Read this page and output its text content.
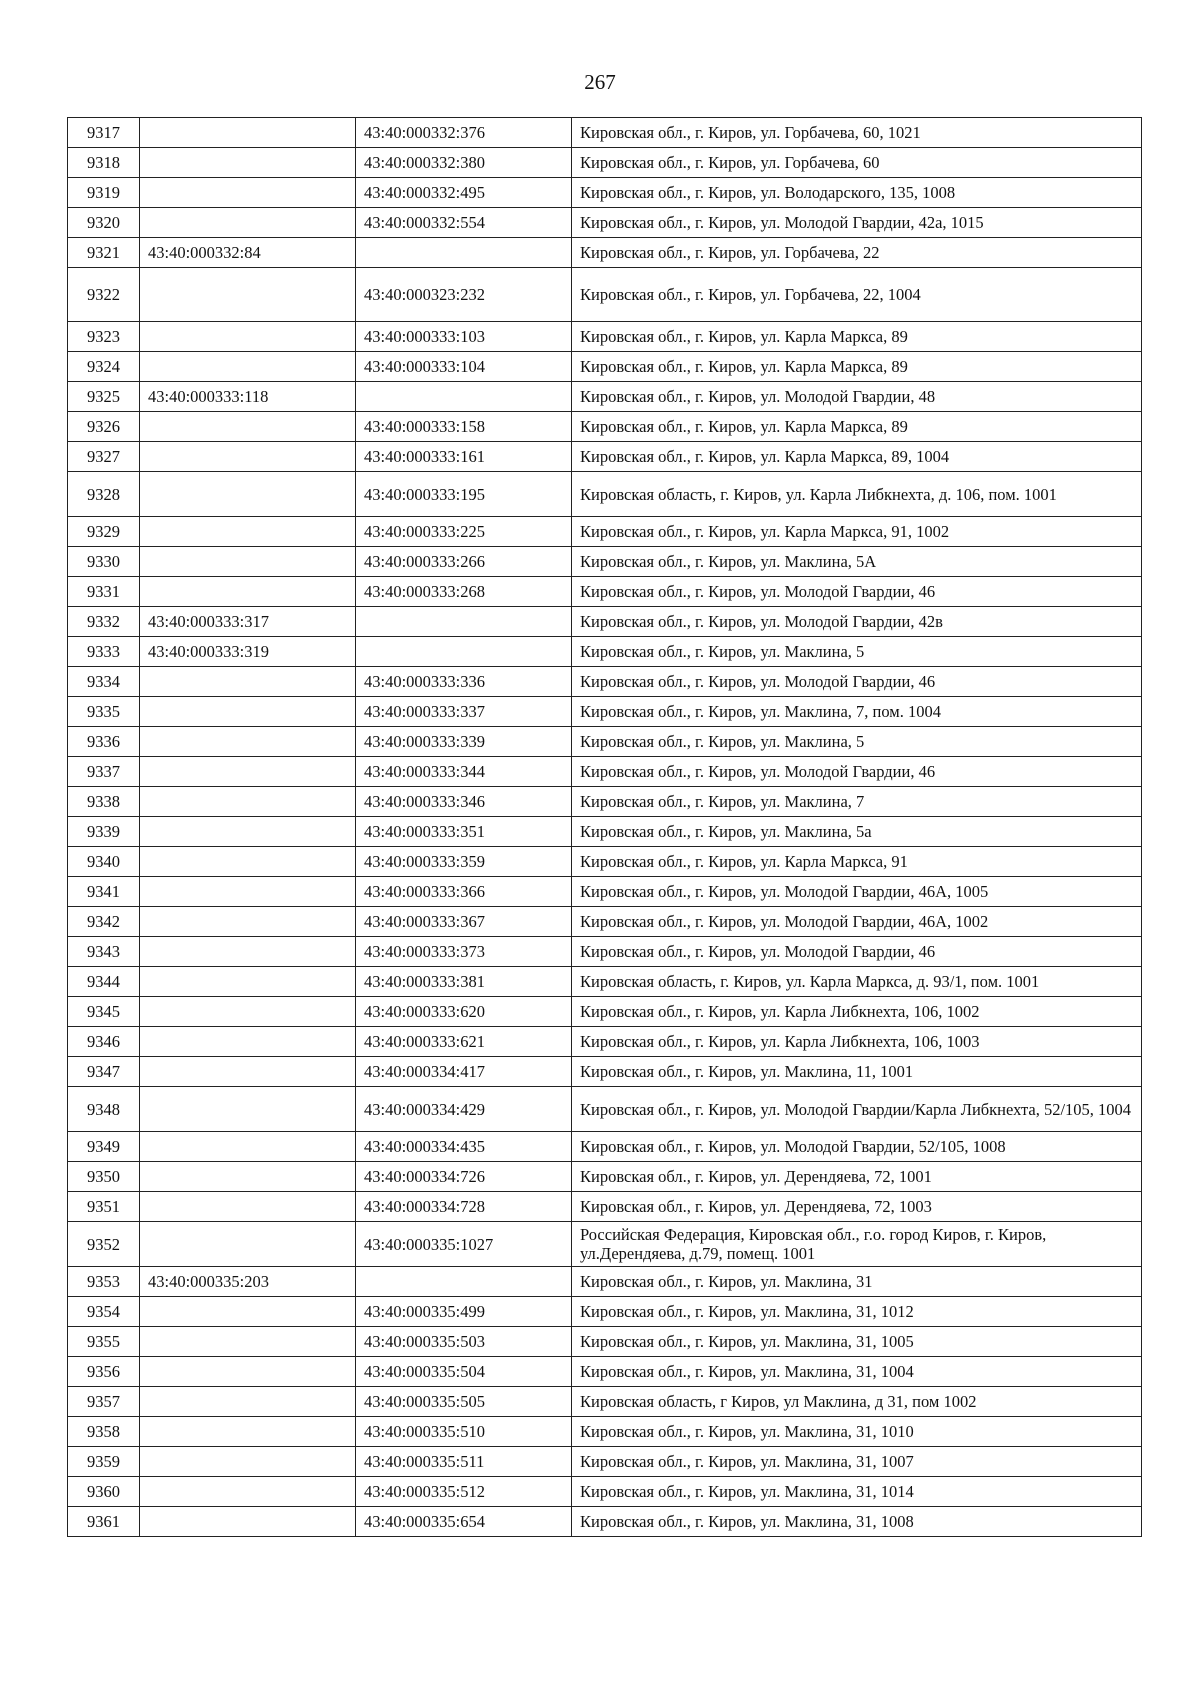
267
9317		43:40:000332:376	Кировская обл., г. Киров, ул. Горбачева, 60, 1021
9318		43:40:000332:380	Кировская обл., г. Киров, ул. Горбачева, 60
9319		43:40:000332:495	Кировская обл., г. Киров, ул. Володарского, 135, 1008
9320		43:40:000332:554	Кировская обл., г. Киров, ул. Молодой Гвардии, 42а, 1015
9321	43:40:000332:84		Кировская обл., г. Киров, ул. Горбачева, 22
9322		43:40:000323:232	Кировская обл., г. Киров, ул. Горбачева, 22, 1004
9323		43:40:000333:103	Кировская обл., г. Киров, ул. Карла Маркса, 89
9324		43:40:000333:104	Кировская обл., г. Киров, ул. Карла Маркса, 89
9325	43:40:000333:118		Кировская обл., г. Киров, ул. Молодой Гвардии, 48
9326		43:40:000333:158	Кировская обл., г. Киров, ул. Карла Маркса, 89
9327		43:40:000333:161	Кировская обл., г. Киров, ул. Карла Маркса, 89, 1004
9328		43:40:000333:195	Кировская область, г. Киров, ул. Карла Либкнехта, д. 106, пом. 1001
9329		43:40:000333:225	Кировская обл., г. Киров, ул. Карла Маркса, 91, 1002
9330		43:40:000333:266	Кировская обл., г. Киров, ул. Маклина, 5А
9331		43:40:000333:268	Кировская обл., г. Киров, ул. Молодой Гвардии, 46
9332	43:40:000333:317		Кировская обл., г. Киров, ул. Молодой Гвардии, 42в
9333	43:40:000333:319		Кировская обл., г. Киров, ул. Маклина, 5
9334		43:40:000333:336	Кировская обл., г. Киров, ул. Молодой Гвардии, 46
9335		43:40:000333:337	Кировская обл., г. Киров, ул. Маклина, 7, пом. 1004
9336		43:40:000333:339	Кировская обл., г. Киров, ул. Маклина, 5
9337		43:40:000333:344	Кировская обл., г. Киров, ул. Молодой Гвардии, 46
9338		43:40:000333:346	Кировская обл., г. Киров, ул. Маклина, 7
9339		43:40:000333:351	Кировская обл., г. Киров, ул. Маклина, 5а
9340		43:40:000333:359	Кировская обл., г. Киров, ул. Карла Маркса, 91
9341		43:40:000333:366	Кировская обл., г. Киров, ул. Молодой Гвардии, 46А, 1005
9342		43:40:000333:367	Кировская обл., г. Киров, ул. Молодой Гвардии, 46А, 1002
9343		43:40:000333:373	Кировская обл., г. Киров, ул. Молодой Гвардии, 46
9344		43:40:000333:381	Кировская область, г. Киров, ул. Карла Маркса, д. 93/1, пом. 1001
9345		43:40:000333:620	Кировская обл., г. Киров, ул. Карла Либкнехта, 106, 1002
9346		43:40:000333:621	Кировская обл., г. Киров, ул. Карла Либкнехта, 106, 1003
9347		43:40:000334:417	Кировская обл., г. Киров, ул. Маклина, 11, 1001
9348		43:40:000334:429	Кировская обл., г. Киров, ул. Молодой Гвардии/Карла Либкнехта, 52/105, 1004
9349		43:40:000334:435	Кировская обл., г. Киров, ул. Молодой Гвардии, 52/105, 1008
9350		43:40:000334:726	Кировская обл., г. Киров, ул. Дерендяева, 72, 1001
9351		43:40:000334:728	Кировская обл., г. Киров, ул. Дерендяева, 72, 1003
9352		43:40:000335:1027	Российская Федерация, Кировская обл., г.о. город Киров, г. Киров, ул.Дерендяева, д.79, помещ. 1001
9353	43:40:000335:203		Кировская обл., г. Киров, ул. Маклина, 31
9354		43:40:000335:499	Кировская обл., г. Киров, ул. Маклина, 31, 1012
9355		43:40:000335:503	Кировская обл., г. Киров, ул. Маклина, 31, 1005
9356		43:40:000335:504	Кировская обл., г. Киров, ул. Маклина, 31, 1004
9357		43:40:000335:505	Кировская область, г Киров, ул Маклина, д 31, пом 1002
9358		43:40:000335:510	Кировская обл., г. Киров, ул. Маклина, 31, 1010
9359		43:40:000335:511	Кировская обл., г. Киров, ул. Маклина, 31, 1007
9360		43:40:000335:512	Кировская обл., г. Киров, ул. Маклина, 31, 1014
9361		43:40:000335:654	Кировская обл., г. Киров, ул. Маклина, 31, 1008
